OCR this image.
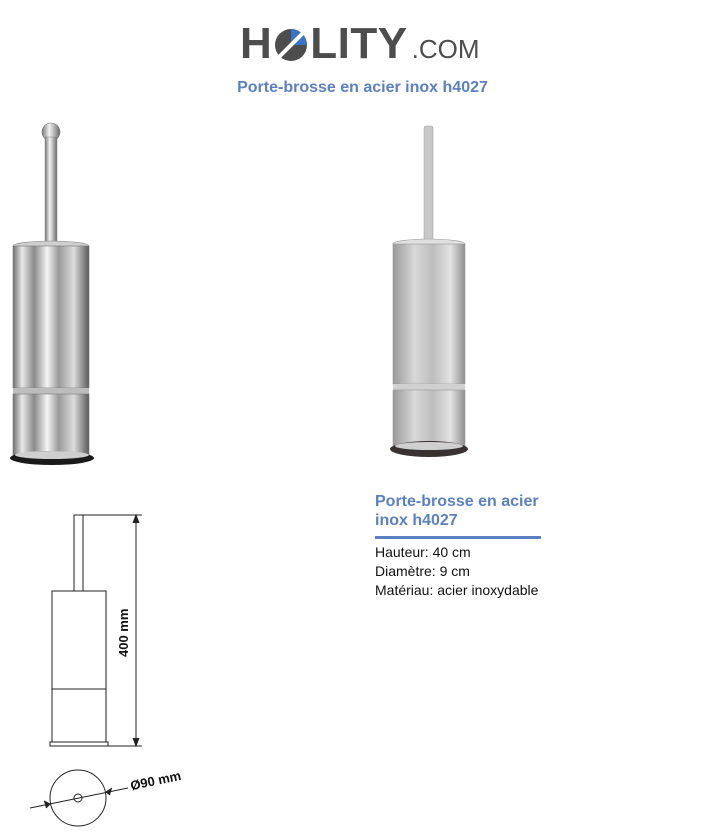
H LITY .COM
Porte-brosse en acier inox h4027
400 mm
Ø90 mm
Porte-brosse en acier inox h4027
Hauteur: 40 cm
Diamètre: 9 cm
Matériau: acier inoxydable
